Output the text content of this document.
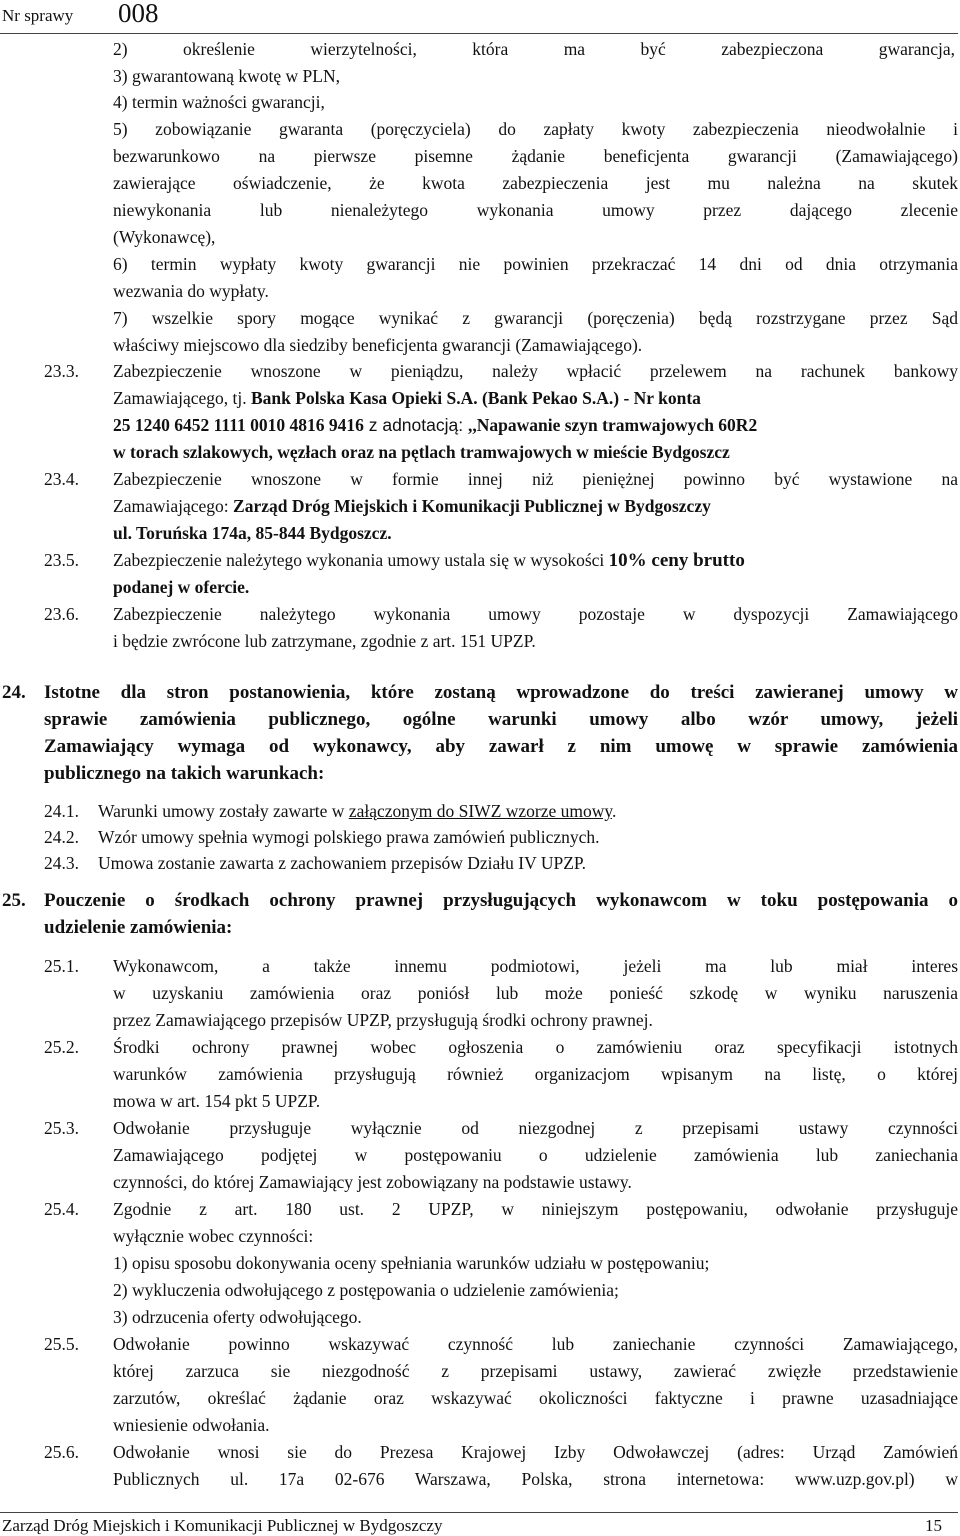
Nr sprawy 008
2) określenie wierzytelności, która ma być zabezpieczona gwarancja,
3) gwarantowaną kwotę w PLN,
4) termin ważności gwarancji,
5) zobowiązanie gwaranta (poręczyciela) do zapłaty kwoty zabezpieczenia nieodwołalnie i
bezwarunkowo na pierwsze pisemne żądanie beneficjenta gwarancji (Zamawiającego)
zawierające oświadczenie, że kwota zabezpieczenia jest mu należna na skutek
niewykonania lub nienależytego wykonania umowy przez dającego zlecenie
(Wykonawcę),
6) termin wypłaty kwoty gwarancji nie powinien przekraczać 14 dni od dnia otrzymania
wezwania do wypłaty.
7) wszelkie spory mogące wynikać z gwarancji (poręczenia) będą rozstrzygane przez Sąd
właściwy miejscowo dla siedziby beneficjenta gwarancji (Zamawiającego).
23.3. Zabezpieczenie wnoszone w pieniądzu, należy wpłacić przelewem na rachunek bankowy
Zamawiającego, tj. Bank Polska Kasa Opieki S.A. (Bank Pekao S.A.) - Nr konta
25 1240 6452 1111 0010 4816 9416 z adnotacją: ,,Napawanie szyn tramwajowych 60R2
w torach szlakowych, węzłach oraz na pętlach tramwajowych w mieście Bydgoszcz
23.4. Zabezpieczenie wnoszone w formie innej niż pieniężnej powinno być wystawione na
Zamawiającego: Zarząd Dróg Miejskich i Komunikacji Publicznej w Bydgoszczy
ul. Toruńska 174a, 85-844 Bydgoszcz.
23.5. Zabezpieczenie należytego wykonania umowy ustala się w wysokości 10% ceny brutto
podanej w ofercie.
23.6. Zabezpieczenie należytego wykonania umowy pozostaje w dyspozycji Zamawiającego
i będzie zwrócone lub zatrzymane, zgodnie z art. 151 UPZP.
24. Istotne dla stron postanowienia, które zostaną wprowadzone do treści zawieranej umowy w
sprawie zamówienia publicznego, ogólne warunki umowy albo wzór umowy, jeżeli
Zamawiający wymaga od wykonawcy, aby zawarł z nim umowę w sprawie zamówienia
publicznego na takich warunkach:
24.1. Warunki umowy zostały zawarte w załączonym do SIWZ wzorze umowy.
24.2. Wzór umowy spełnia wymogi polskiego prawa zamówień publicznych.
24.3. Umowa zostanie zawarta z zachowaniem przepisów Działu IV UPZP.
25. Pouczenie o środkach ochrony prawnej przysługujących wykonawcom w toku postępowania o
udzielenie zamówienia:
25.1. Wykonawcom, a także innemu podmiotowi, jeżeli ma lub miał interes
w uzyskaniu zamówienia oraz poniósł lub może ponieść szkodę w wyniku naruszenia
przez Zamawiającego przepisów UPZP, przysługują środki ochrony prawnej.
25.2. Środki ochrony prawnej wobec ogłoszenia o zamówieniu oraz specyfikacji istotnych
warunków zamówienia przysługują również organizacjom wpisanym na listę, o której
mowa w art. 154 pkt 5 UPZP.
25.3. Odwołanie przysługuje wyłącznie od niezgodnej z przepisami ustawy czynności
Zamawiającego podjętej w postępowaniu o udzielenie zamówienia lub zaniechania
czynności, do której Zamawiający jest zobowiązany na podstawie ustawy.
25.4. Zgodnie z art. 180 ust. 2 UPZP, w niniejszym postępowaniu, odwołanie przysługuje
wyłącznie wobec czynności:
1) opisu sposobu dokonywania oceny spełniania warunków udziału w postępowaniu;
2) wykluczenia odwołującego z postępowania o udzielenie zamówienia;
3) odrzucenia oferty odwołującego.
25.5. Odwołanie powinno wskazywać czynność lub zaniechanie czynności Zamawiającego,
której zarzuca sie niezgodność z przepisami ustawy, zawierać zwięzłe przedstawienie
zarzutów, określać żądanie oraz wskazywać okoliczności faktyczne i prawne uzasadniające
wniesienie odwołania.
25.6. Odwołanie wnosi sie do Prezesa Krajowej Izby Odwoławczej (adres: Urząd Zamówień
Publicznych ul. 17a 02-676 Warszawa, Polska, strona internetowa: www.uzp.gov.pl) w
Zarząd Dróg Miejskich i Komunikacji Publicznej w Bydgoszczy	15
